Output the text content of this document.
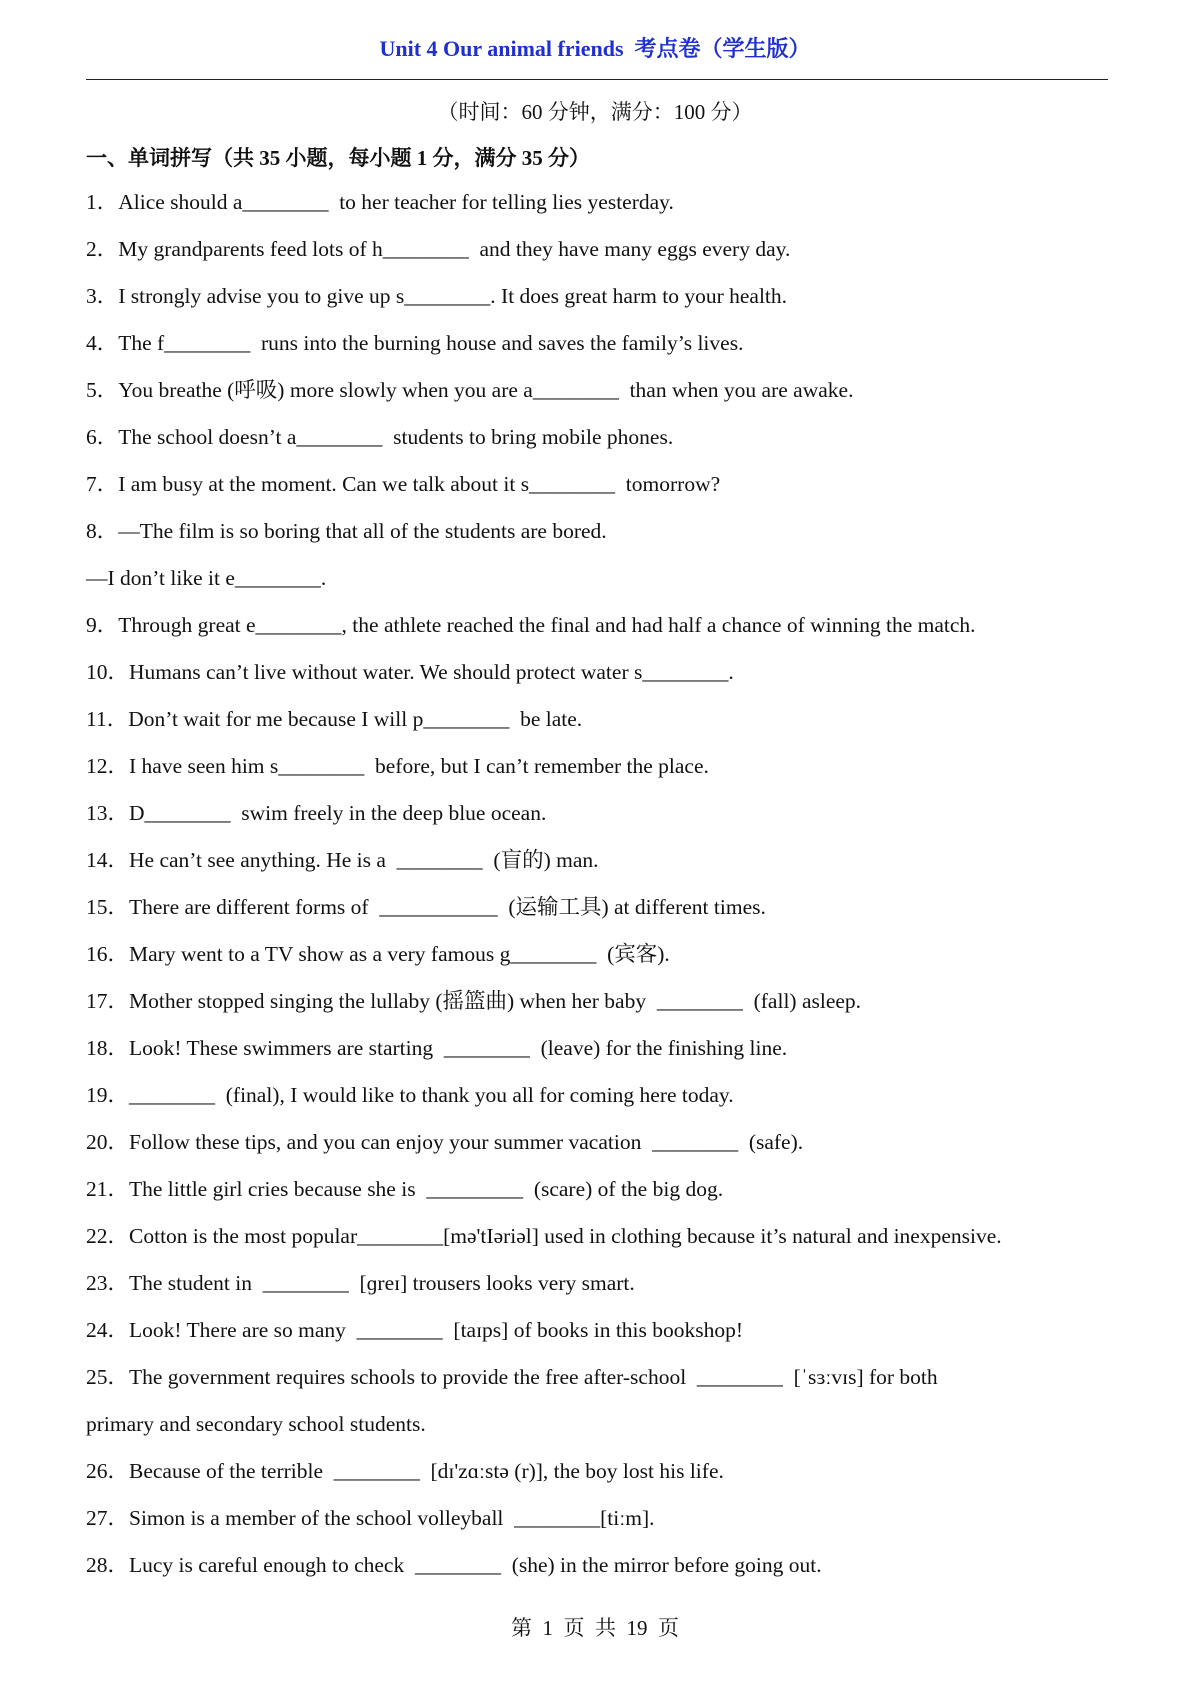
Unit 4 Our animal friends  考点卷（学生版）
（时间：60 分钟，满分：100 分）
一、单词拼写（共 35 小题，每小题 1 分，满分 35 分）
1．Alice should a________  to her teacher for telling lies yesterday.
2．My grandparents feed lots of h________  and they have many eggs every day.
3．I strongly advise you to give up s________. It does great harm to your health.
4．The f________  runs into the burning house and saves the family’s lives.
5．You breathe (呼吸) more slowly when you are a________  than when you are awake.
6．The school doesn’t a________  students to bring mobile phones.
7．I am busy at the moment. Can we talk about it s________  tomorrow?
8．—The film is so boring that all of the students are bored.
—I don’t like it e________.
9．Through great e________, the athlete reached the final and had half a chance of winning the match.
10．Humans can’t live without water. We should protect water s________.
11．Don’t wait for me because I will p________  be late.
12．I have seen him s________  before, but I can’t remember the place.
13．D________  swim freely in the deep blue ocean.
14．He can’t see anything. He is a  ________  (盲的) man.
15．There are different forms of  ___________  (运输工具) at different times.
16．Mary went to a TV show as a very famous g________  (宾客).
17．Mother stopped singing the lullaby (摇篮曲) when her baby  ________  (fall) asleep.
18．Look! These swimmers are starting  ________  (leave) for the finishing line.
19．________  (final), I would like to thank you all for coming here today.
20．Follow these tips, and you can enjoy your summer vacation  ________  (safe).
21．The little girl cries because she is  _________  (scare) of the big dog.
22．Cotton is the most popular________[mə'tIəriəl] used in clothing because it’s natural and inexpensive.
23．The student in  ________  [ɡreɪ] trousers looks very smart.
24．Look! There are so many  ________  [taɪps] of books in this bookshop!
25．The government requires schools to provide the free after-school  ________  [ˈsɜːvɪs] for both
primary and secondary school students.
26．Because of the terrible  ________  [dɪ'zɑːstə (r)], the boy lost his life.
27．Simon is a member of the school volleyball  ________[tiːm].
28．Lucy is careful enough to check  ________  (she) in the mirror before going out.
第  1  页  共  19  页
